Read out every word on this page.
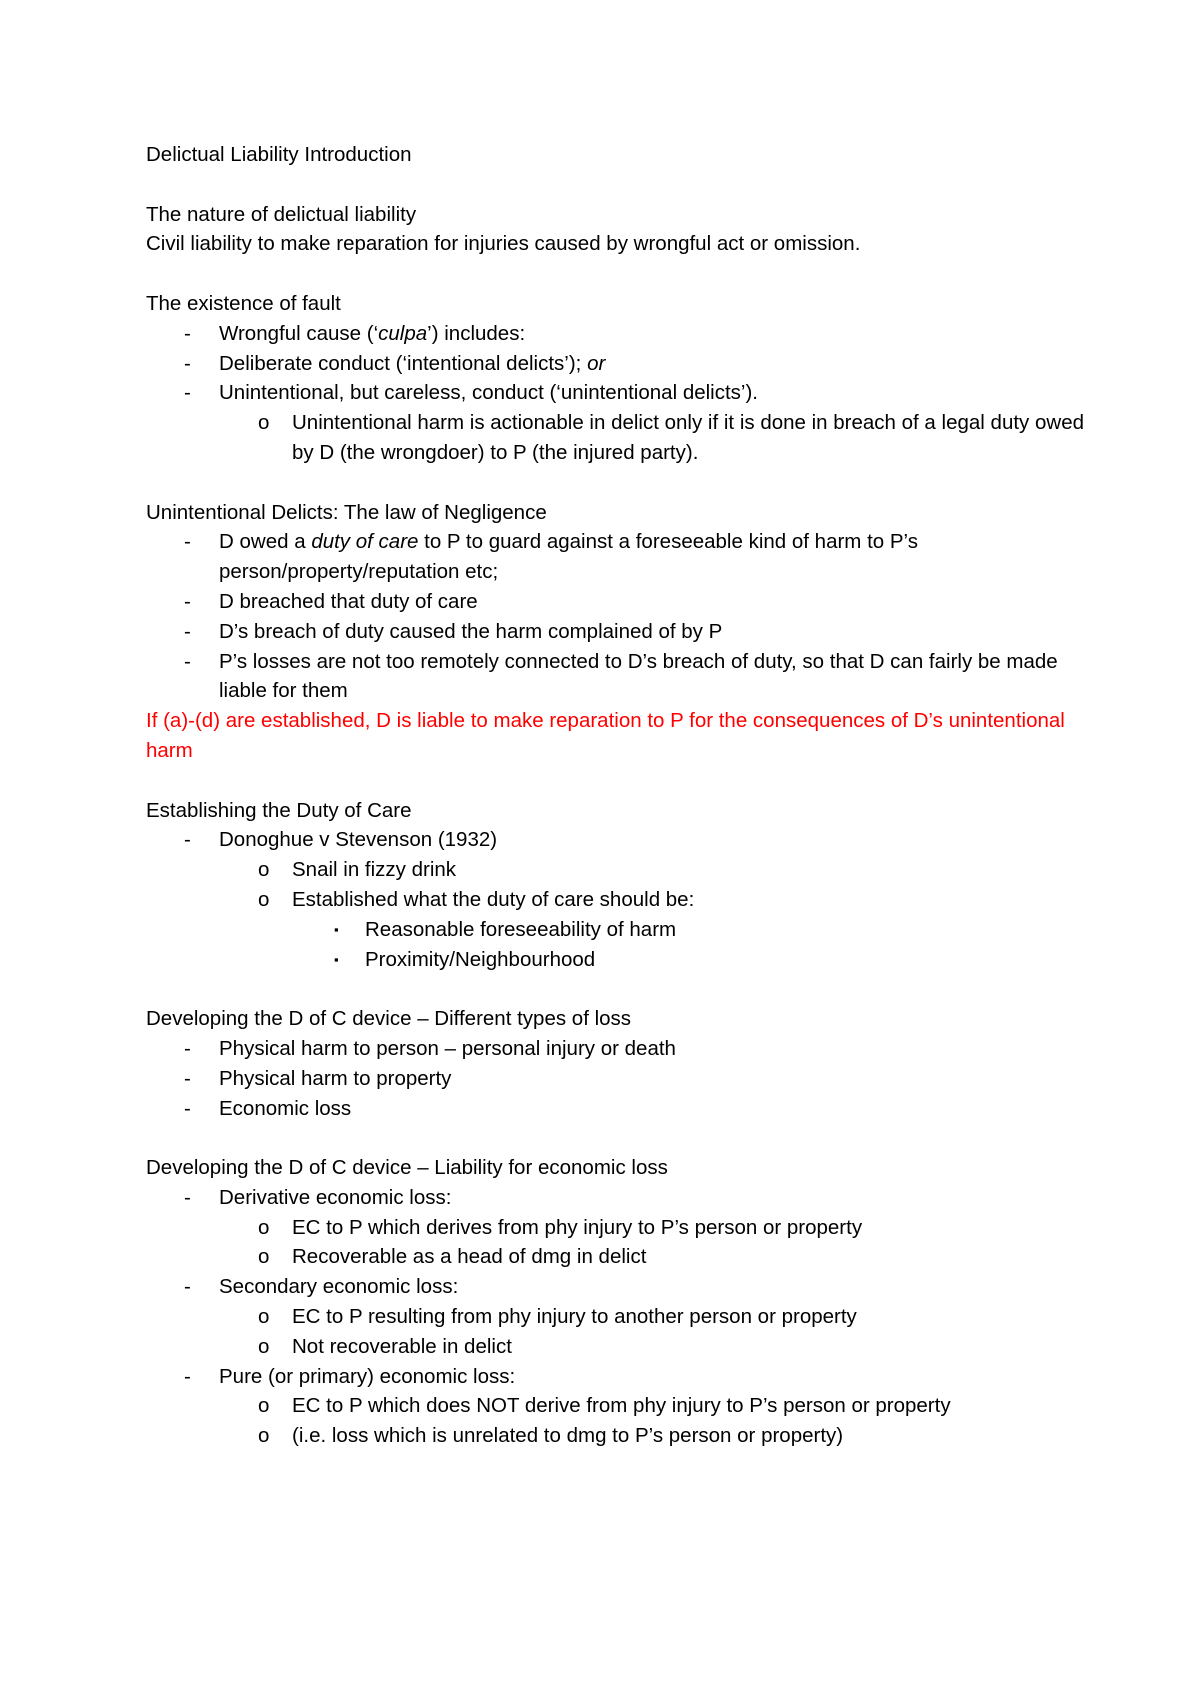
Delictual Liability Introduction
The nature of delictual liability
Civil liability to make reparation for injuries caused by wrongful act or omission.
The existence of fault
- Wrongful cause (‘culpa’) includes:
- Deliberate conduct (‘intentional delicts’); or
- Unintentional, but careless, conduct (‘unintentional delicts’).
o Unintentional harm is actionable in delict only if it is done in breach of a legal duty owed by D (the wrongdoer) to P (the injured party).
Unintentional Delicts: The law of Negligence
- D owed a duty of care to P to guard against a foreseeable kind of harm to P’s person/property/reputation etc;
- D breached that duty of care
- D’s breach of duty caused the harm complained of by P
- P’s losses are not too remotely connected to D’s breach of duty, so that D can fairly be made liable for them
If (a)-(d) are established, D is liable to make reparation to P for the consequences of D’s unintentional harm
Establishing the Duty of Care
- Donoghue v Stevenson (1932)
o Snail in fizzy drink
o Established what the duty of care should be:
▪ Reasonable foreseeability of harm
▪ Proximity/Neighbourhood
Developing the D of C device – Different types of loss
- Physical harm to person – personal injury or death
- Physical harm to property
- Economic loss
Developing the D of C device – Liability for economic loss
- Derivative economic loss:
o EC to P which derives from phy injury to P’s person or property
o Recoverable as a head of dmg in delict
- Secondary economic loss:
o EC to P resulting from phy injury to another person or property
o Not recoverable in delict
- Pure (or primary) economic loss:
o EC to P which does NOT derive from phy injury to P’s person or property
o (i.e. loss which is unrelated to dmg to P’s person or property)
